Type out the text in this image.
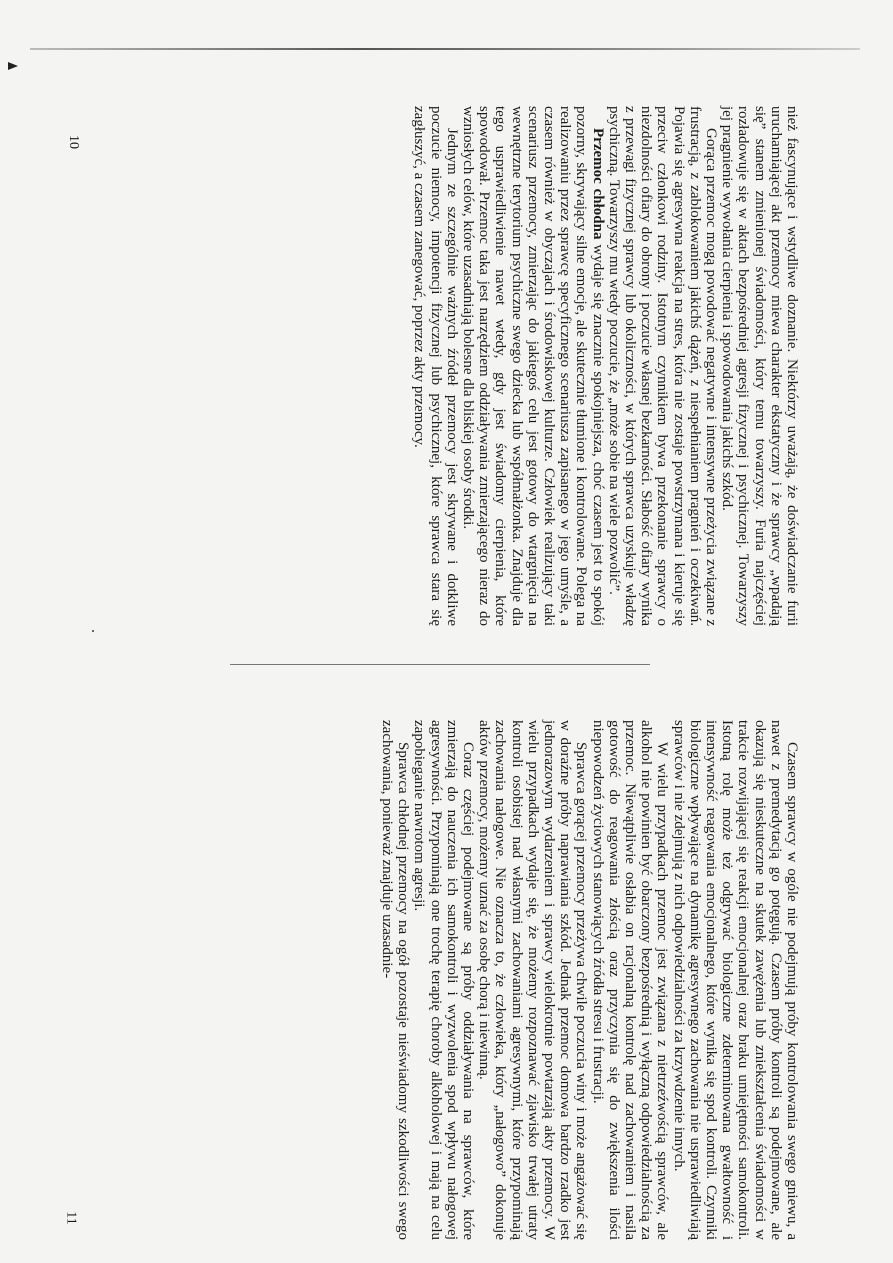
nież fascynujące i wstydliwe doznanie. Niektórzy uważają, że doświadczanie furii uruchamiającej akt przemocy miewa charakter ekstatyczny i że sprawcy „wpadają się” stanem zmienionej świadomości, który temu towarzyszy. Furia najczęściej rozładowuje się w aktach bezpośredniej agresji fizycznej i psychicznej. Towarzyszy jej pragnienie wywołania cierpienia i spowodowania jakichś szkód.

Gorąca przemoc mogą powodować negatywne i intensywne przeżycia związane z frustracją, z zablokowaniem jakichś dążeń, z niespełnianiem pragnień i oczekiwań. Pojawia się agresywna reakcja na stres, która nie zostaje powstrzymana i kieruje się przeciw członkowi rodziny. Istotnym czynnikiem bywa przekonanie sprawcy o niezdolności ofiary do obrony i poczucie własnej bezkarności. Słabość ofiary wynika z przewagi fizycznej sprawcy lub okoliczności, w których sprawca uzyskuje władzę psychiczną. Towarzyszy mu wtedy poczucie, że „może sobie na wiele pozwolić”.

Przemoc chłodna wydaje się znacznie spokojniejsza, choć czasem jest to spokój pozorny, skrywający silne emocje, ale skutecznie tłumione i kontrolowane. Polega na realizowaniu przez sprawcę specyficznego scenariusza zapisanego w jego umyśle, a czasem również w obyczajach i środowiskowej kulturze. Człowiek realizujący taki scenariusz przemocy, zmierzając do jakiegoś celu jest gotowy do wtargnięcia na wewnętrzne terytorium psychiczne swego dziecka lub współmałżonka. Znajduje dla tego usprawiedliwienie nawet wtedy, gdy jest świadomy cierpienia, które spowodował. Przemoc taka jest narzędziem oddziaływania zmierzającego nieraz do wzniosłych celów, które uzasadniają bolesne dla bliskiej osoby środki.

Jednym ze szczególnie ważnych źródeł przemocy jest skrywane i dotkliwe poczucie niemocy, impotencji fizycznej lub psychicznej, które sprawca stara się zagłuszyć, a czasem zanegować, poprzez akty przemocy.

Czasem sprawcy w ogóle nie podejmują próby kontrolowania swego gniewu, a nawet z premedytacją go potęgują. Czasem próby kontroli są podejmowane, ale okazują się nieskuteczne na skutek zawężenia lub zniekształcenia świadomości w trakcie rozwijającej się reakcji emocjonalnej oraz braku umiejętności samokontroli. Istotną rolę może też odgrywać biologiczne zdeterminowana gwałtowność i intensywność reagowania emocjonalnego, które wynika się spod kontroli. Czynniki biologiczne wpływające na dynamikę agresywnego zachowania nie usprawiedliwiają sprawców i nie zdejmują z nich odpowiedzialności za krzywdzenie innych.

W wielu przypadkach przemoc jest związana z nietrzeźwością sprawców, ale alkohol nie powinien być obarczony bezpośrednią i wyłączną odpowiedzialnością za przemoc. Niewątpliwie osłabia on racjonalną kontrolę nad zachowaniem i nasila gotowość do reagowania złością oraz przyczynia się do zwiększenia ilości niepowodzeń życiowych stanowiących źródła stresu i frustracji.

Sprawca gorącej przemocy przeżywa chwile poczucia winy i może angażować się w doraźne próby naprawiania szkód. Jednak przemoc domowa bardzo rzadko jest jednorazowym wydarzeniem i sprawcy wielokrotnie powtarzają akty przemocy. W wielu przypadkach wydaje się, że możemy rozpoznawać zjawisko trwałej utraty kontroli osobistej nad własnymi zachowaniami agresywnymi, które przypominają zachowania nałogowe. Nie oznacza to, że człowieka, który „nałogowo” dokonuje aktów przemocy, możemy uznać za osobę chorą i niewinną.

Coraz częściej podejmowane są próby oddziaływania na sprawców, które zmierzają do nauczenia ich samokontroli i wyzwolenia spod wpływu nałogowej agresywności. Przypominają one trochę terapię choroby alkoholowej i mają na celu zapobieganie nawrotom agresji.

Sprawca chłodnej przemocy na ogół pozostaje nieświadomy szkodliwości swego zachowania, ponieważ znajduje uzasadnie-

10
11
